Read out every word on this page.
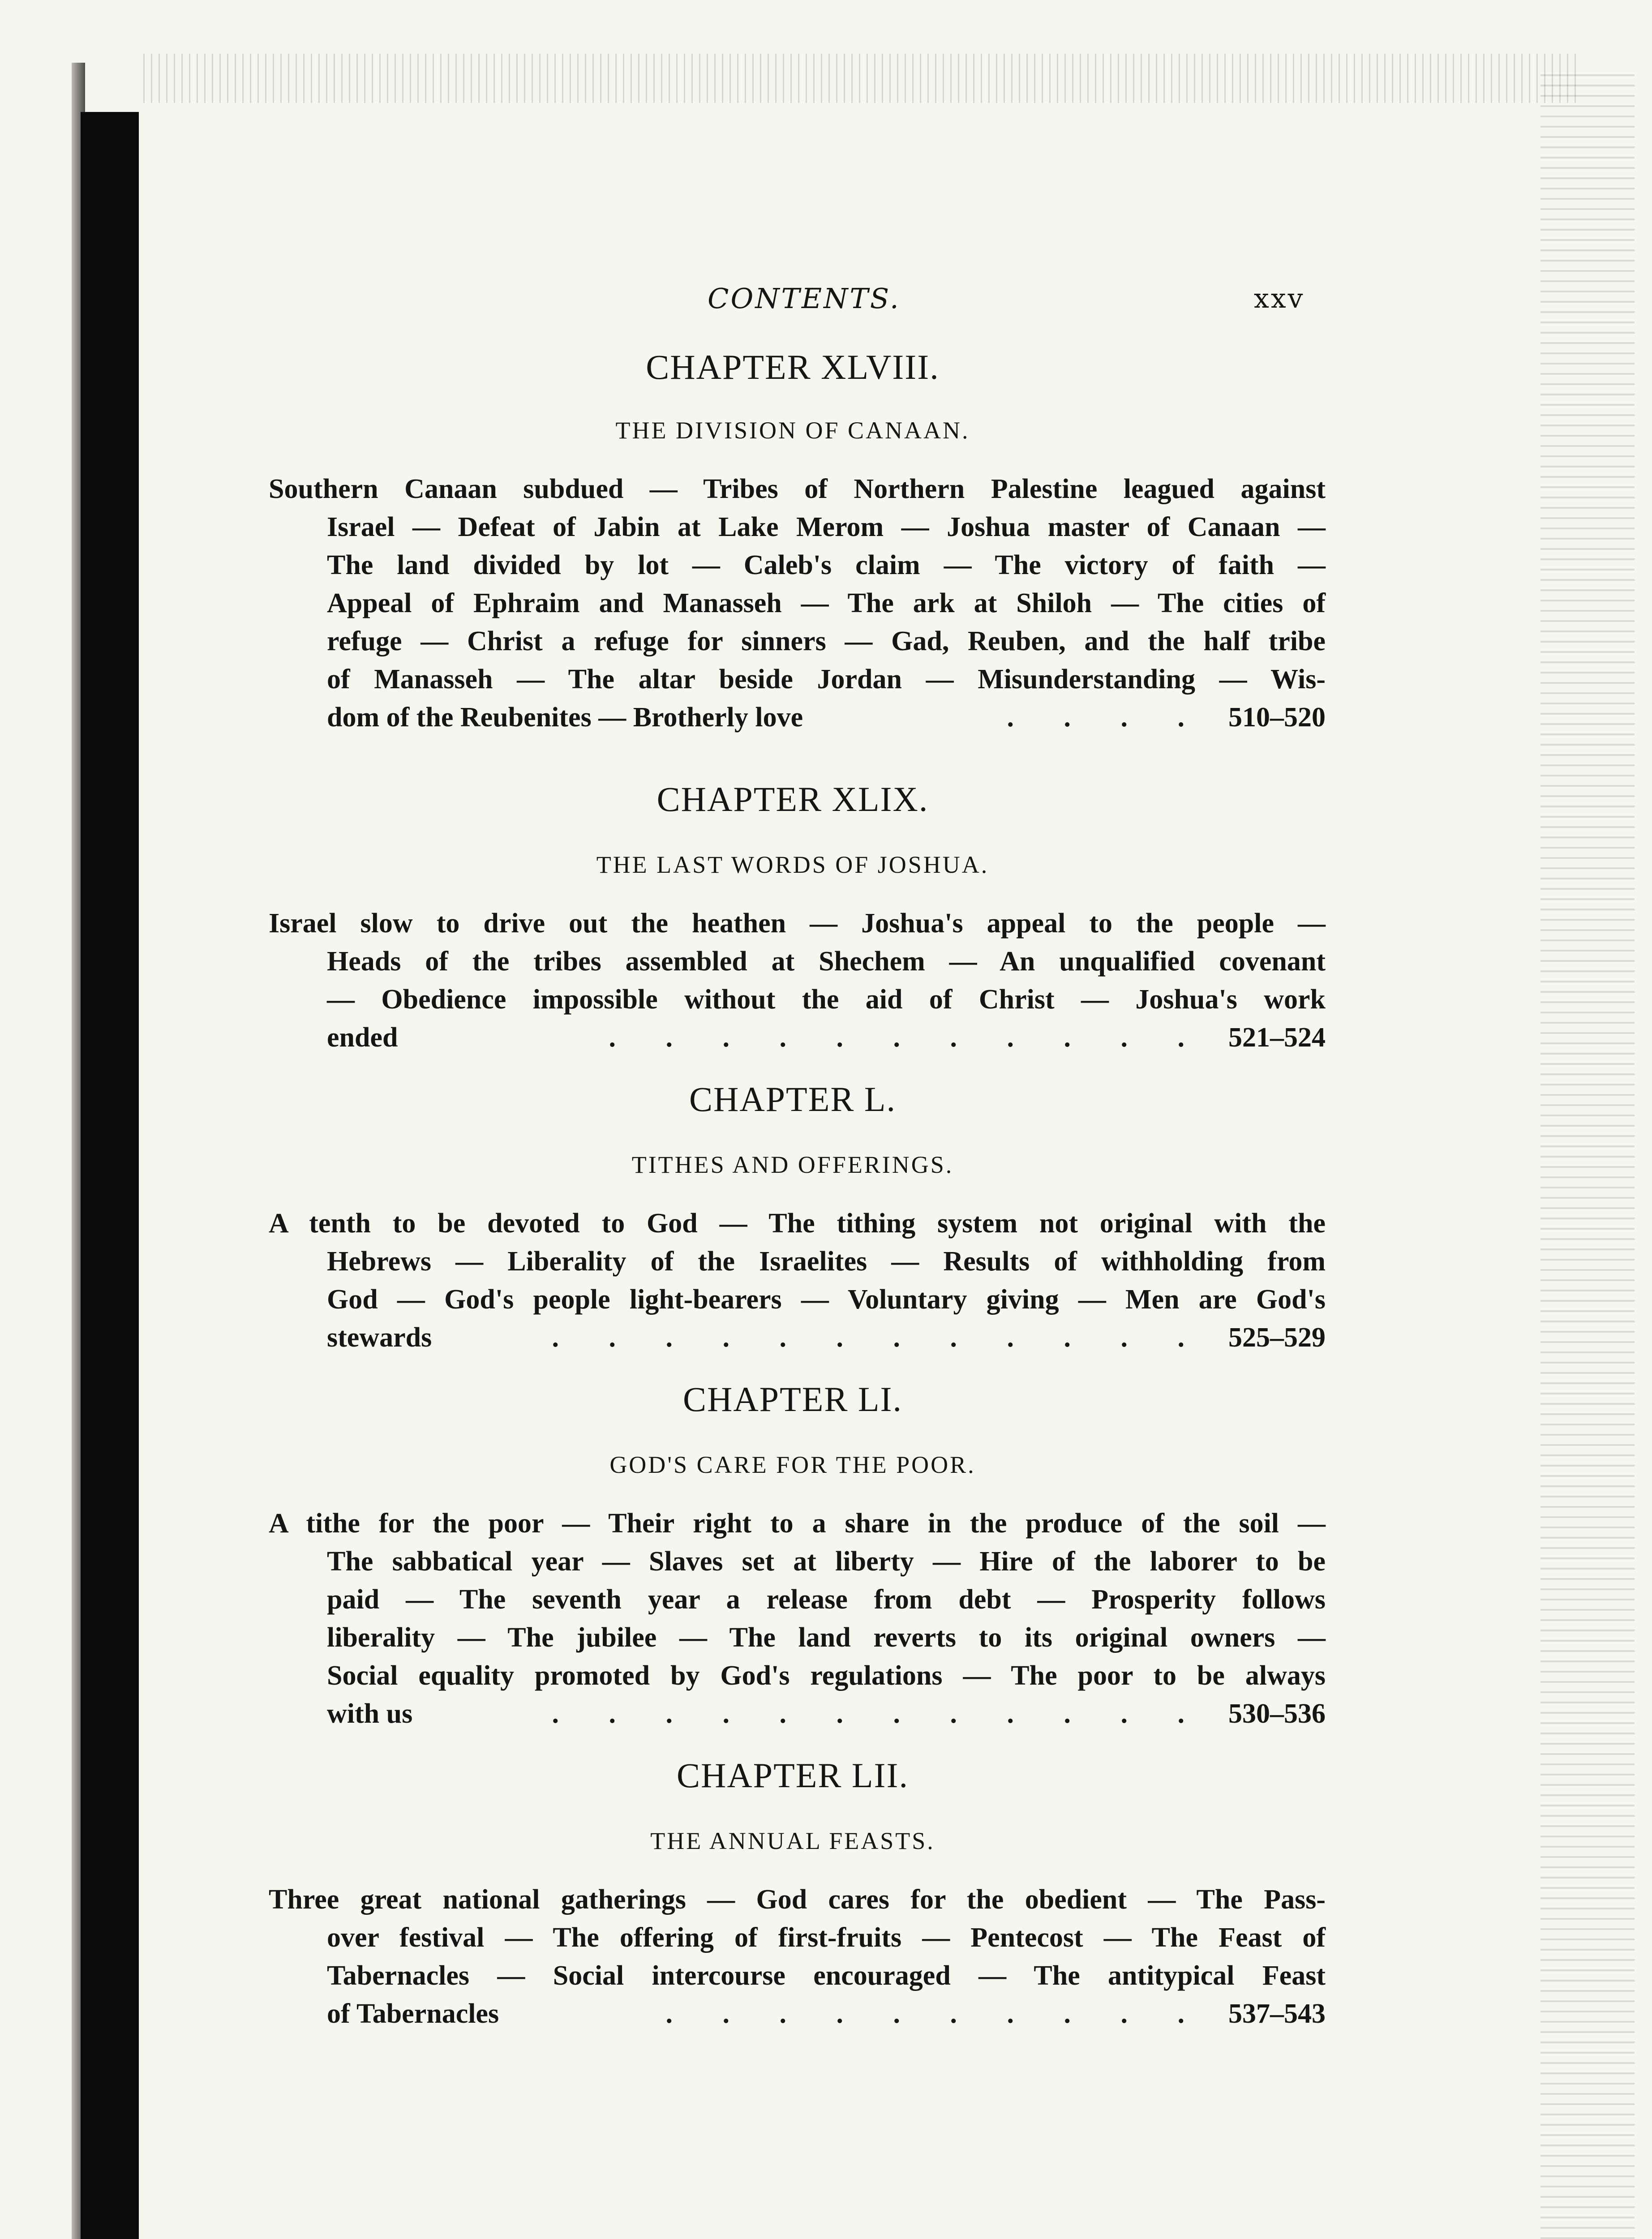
CONTENTS.	xxv
CHAPTER XLVIII.
THE DIVISION OF CANAAN.
Southern Canaan subdued — Tribes of Northern Palestine leagued against
Israel — Defeat of Jabin at Lake Merom — Joshua master of Canaan —
The land divided by lot — Caleb's claim — The victory of faith —
Appeal of Ephraim and Manasseh — The ark at Shiloh — The cities of
refuge — Christ a refuge for sinners — Gad, Reuben, and the half tribe
of Manasseh — The altar beside Jordan — Misunderstanding — Wis-
dom of the Reubenites — Brotherly love	. . . . 510–520
CHAPTER XLIX.
THE LAST WORDS OF JOSHUA.
Israel slow to drive out the heathen — Joshua's appeal to the people —
Heads of the tribes assembled at Shechem — An unqualified covenant
— Obedience impossible without the aid of Christ — Joshua's work
ended	. . . . . . . . . . . 521–524
CHAPTER L.
TITHES AND OFFERINGS.
A tenth to be devoted to God — The tithing system not original with the
Hebrews — Liberality of the Israelites — Results of withholding from
God — God's people light-bearers — Voluntary giving — Men are God's
stewards	. . . . . . . . . . . . 525–529
CHAPTER LI.
GOD'S CARE FOR THE POOR.
A tithe for the poor — Their right to a share in the produce of the soil —
The sabbatical year — Slaves set at liberty — Hire of the laborer to be
paid — The seventh year a release from debt — Prosperity follows
liberality — The jubilee — The land reverts to its original owners —
Social equality promoted by God's regulations — The poor to be always
with us	. . . . . . . . . . . . 530–536
CHAPTER LII.
THE ANNUAL FEASTS.
Three great national gatherings — God cares for the obedient — The Pass-
over festival — The offering of first-fruits — Pentecost — The Feast of
Tabernacles — Social intercourse encouraged — The antitypical Feast
of Tabernacles	. . . . . . . . . . 537–543
